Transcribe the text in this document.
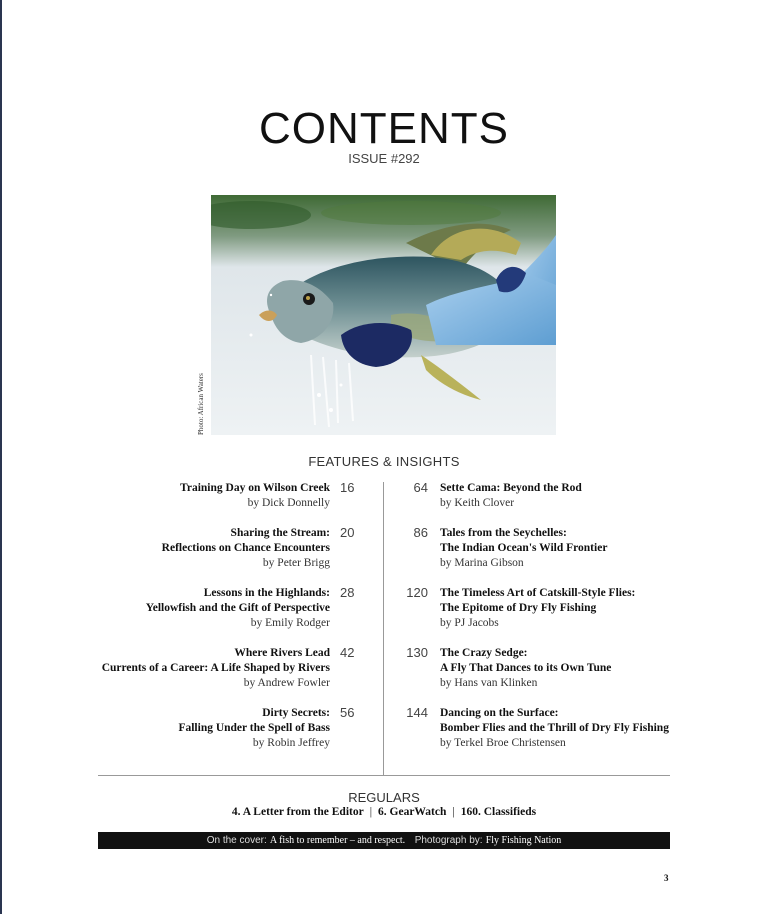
CONTENTS
ISSUE #292
Photo: African Waters
FEATURES & INSIGHTS
16
Training Day on Wilson Creek
by Dick Donnelly
20
Sharing the Stream:
Reflections on Chance Encounters
by Peter Brigg
28
Lessons in the Highlands:
Yellowfish and the Gift of Perspective
by Emily Rodger
42
Where Rivers Lead
Currents of a Career: A Life Shaped by Rivers
by Andrew Fowler
56
Dirty Secrets:
Falling Under the Spell of Bass
by Robin Jeffrey
64 Sette Cama: Beyond the Rod
by Keith Clover
86 Tales from the Seychelles:
The Indian Ocean's Wild Frontier
by Marina Gibson
120 The Timeless Art of Catskill-Style Flies:
The Epitome of Dry Fly Fishing
by PJ Jacobs
130 The Crazy Sedge:
A Fly That Dances to its Own Tune
by Hans van Klinken
144 Dancing on the Surface:
Bomber Flies and the Thrill of Dry Fly Fishing
by Terkel Broe Christensen
REGULARS
4. A Letter from the Editor | 6. GearWatch | 160. Classifieds
On the cover: A fish to remember – and respect. Photograph by: Fly Fishing Nation
3
